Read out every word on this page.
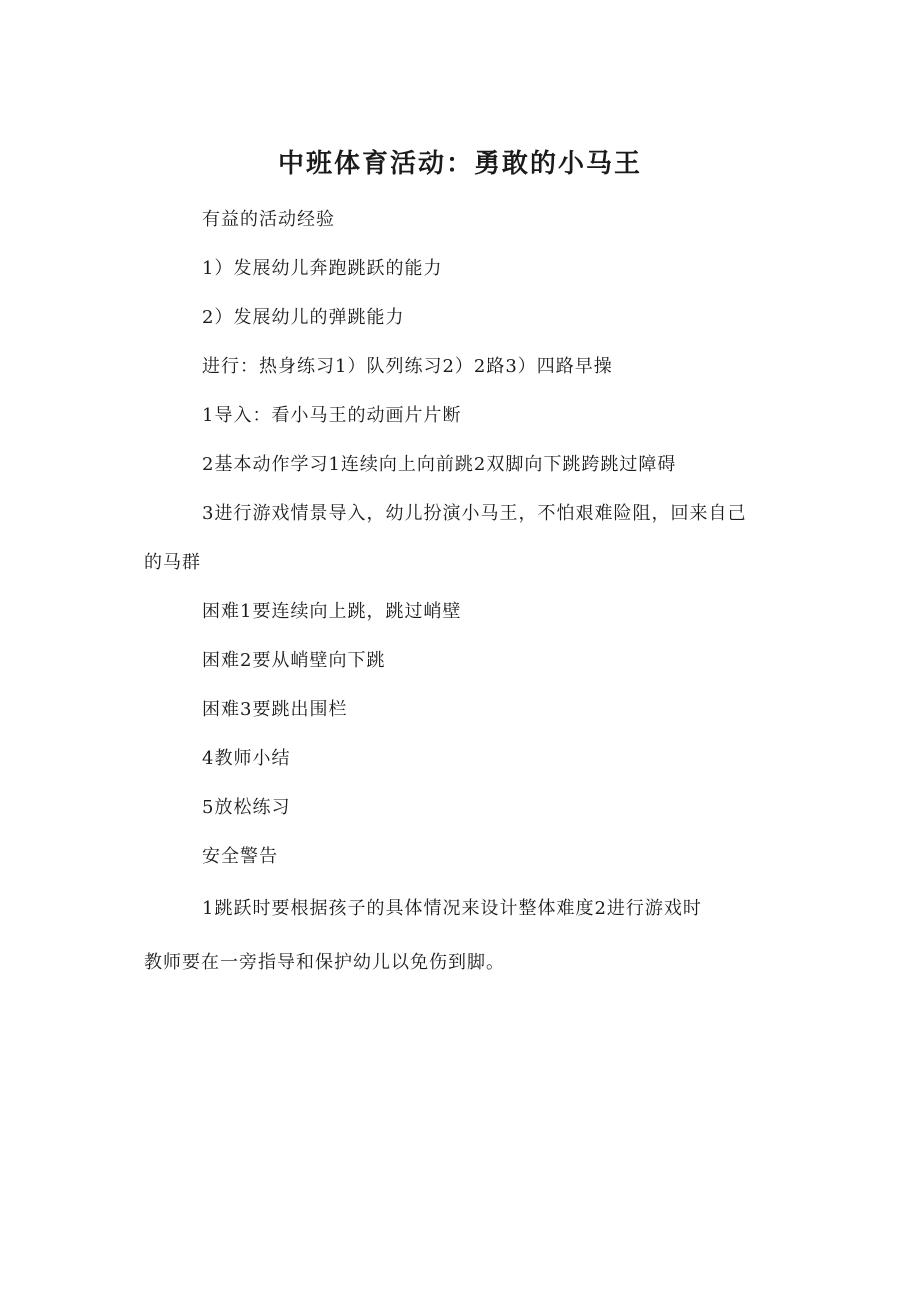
中班体育活动：勇敢的小马王
有益的活动经验
1）发展幼儿奔跑跳跃的能力
2）发展幼儿的弹跳能力
进行：热身练习1）队列练习2）2路3）四路早操
1导入：看小马王的动画片片断
2基本动作学习1连续向上向前跳2双脚向下跳跨跳过障碍
3进行游戏情景导入，幼儿扮演小马王，不怕艰难险阻，回来自己
的马群
困难1要连续向上跳，跳过峭壁
困难2要从峭壁向下跳
困难3要跳出围栏
4教师小结
5放松练习
安全警告
1跳跃时要根据孩子的具体情况来设计整体难度2进行游戏时
教师要在一旁指导和保护幼儿以免伤到脚。
